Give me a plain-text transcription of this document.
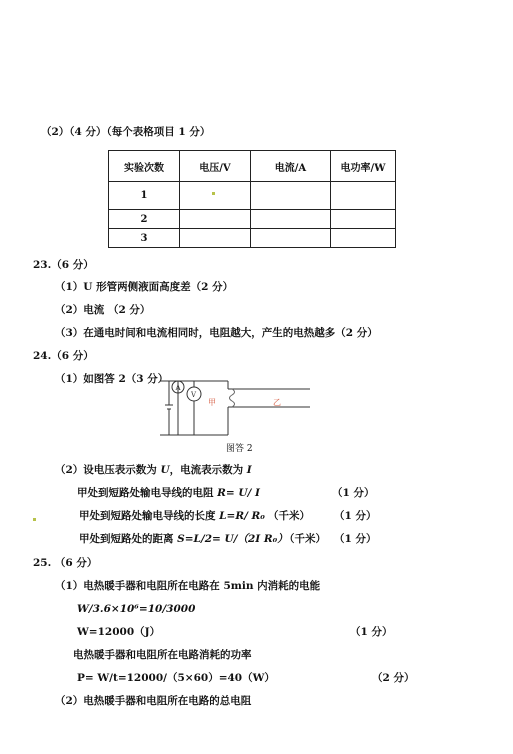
（2）（4 分）（每个表格项目 1 分）
实验次数	电压/V	电流/A	电功率/W
1			
2			
3			
23.（6 分）
（1）U 形管两侧液面高度差（2 分）
（2）电流 （2 分）
（3）在通电时间和电流相同时，电阻越大，产生的电热越多（2 分）
24.（6 分）
（1）如图答 2（3 分）
A
V
甲	乙
图答 2
（2）设电压表示数为 U，电流表示数为 I
甲处到短路处输电导线的电阻 R= U/ I	（1 分）
甲处到短路处输电导线的长度 L=R/ R₀ （千米） （1 分）
甲处到短路处的距离 S=L/2= U/（2I R₀）
（千米） （1 分）
25. （6 分）
（1）电热暖手器和电阻所在电路在 5min 内消耗的电能
W/3.6×10⁶=10/3000
W=12000（J）	（1 分）
电热暖手器和电阻所在电路消耗的功率
P= W/t=12000/（5×60）=40（W）	（2 分）
（2）电热暖手器和电阻所在电路的总电阻
